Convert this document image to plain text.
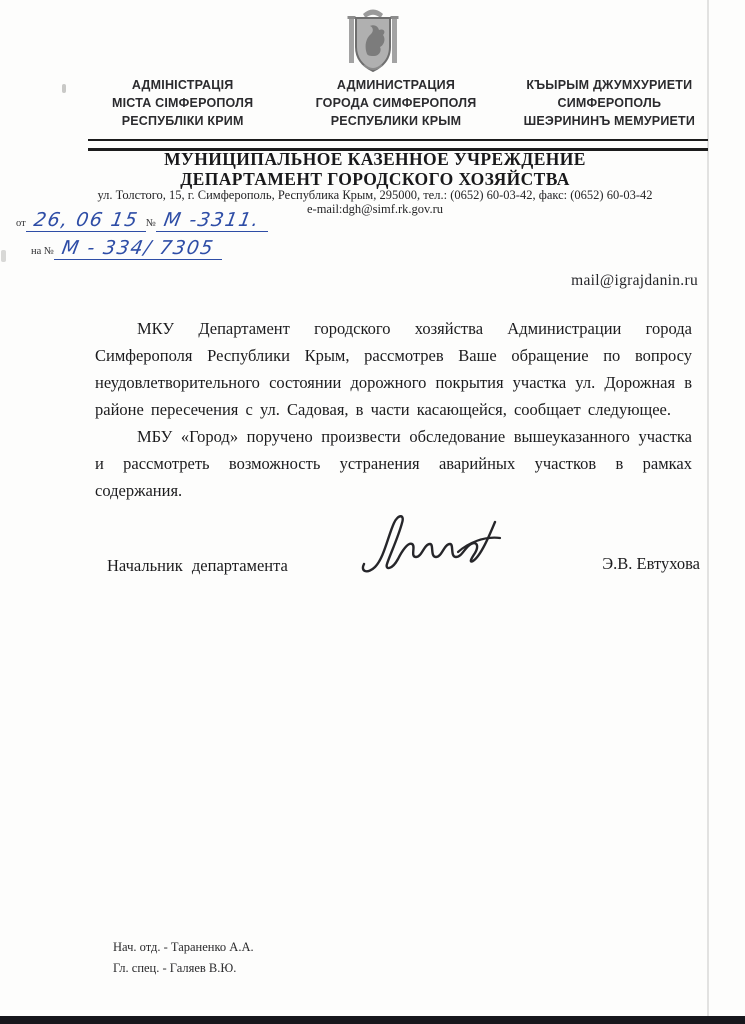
АДМІНІСТРАЦІЯ
МІСТА СІМФЕРОПОЛЯ
РЕСПУБЛІКИ КРИМ
АДМИНИСТРАЦИЯ
ГОРОДА СИМФЕРОПОЛЯ
РЕСПУБЛИКИ КРЫМ
КЪЫРЫМ ДЖУМХУРИЕТИ
СИМФЕРОПОЛЬ
ШЕЭРИНИНЪ МЕМУРИЕТИ
МУНИЦИПАЛЬНОЕ КАЗЕННОЕ УЧРЕЖДЕНИЕ
ДЕПАРТАМЕНТ ГОРОДСКОГО ХОЗЯЙСТВА
ул. Толстого, 15, г. Симферополь, Республика Крым, 295000, тел.: (0652) 60-03-42, факс: (0652) 60-03-42
e-mail:dgh@simf.rk.gov.ru
от 26, 06 15 № М -3311.
на № М - 334/ 7305
mail@igrajdanin.ru

МКУ Департамент городского хозяйства Администрации города Симферополя Республики Крым, рассмотрев Ваше обращение по вопросу неудовлетворительного состоянии дорожного покрытия участка ул. Дорожная в районе пересечения с ул. Садовая, в части касающейся, сообщает следующее.

МБУ «Город» поручено произвести обследование вышеуказанного участка и рассмотреть возможность устранения аварийных участков в рамках содержания.

Начальник департамента	Э.В. Евтухова
Нач. отд. - Тараненко А.А.
Гл. спец. - Галяев В.Ю.
